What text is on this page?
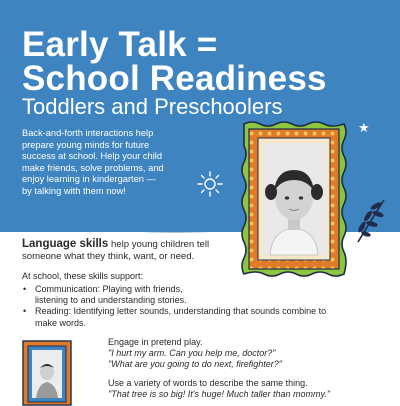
Early Talk =
School Readiness
Toddlers and Preschoolers

Back-and-forth interactions help
prepare young minds for future
success at school. Help your child
make friends, solve problems, and
enjoy learning in kindergarten —
by talking with them now!

★

Language skills help young children tell
someone what they think, want, or need.

At school, these skills support:

• Communication: Playing with friends,
listening to and understanding stories.
• Reading: Identifying letter sounds, understanding that sounds combine to
make words.

Engage in pretend play.

"I hurt my arm. Can you help me, doctor?"

"What are you going to do next, firefighter?"

Use a variety of words to describe the same thing.

"That tree is so big! It's huge! Much taller than mommy."
